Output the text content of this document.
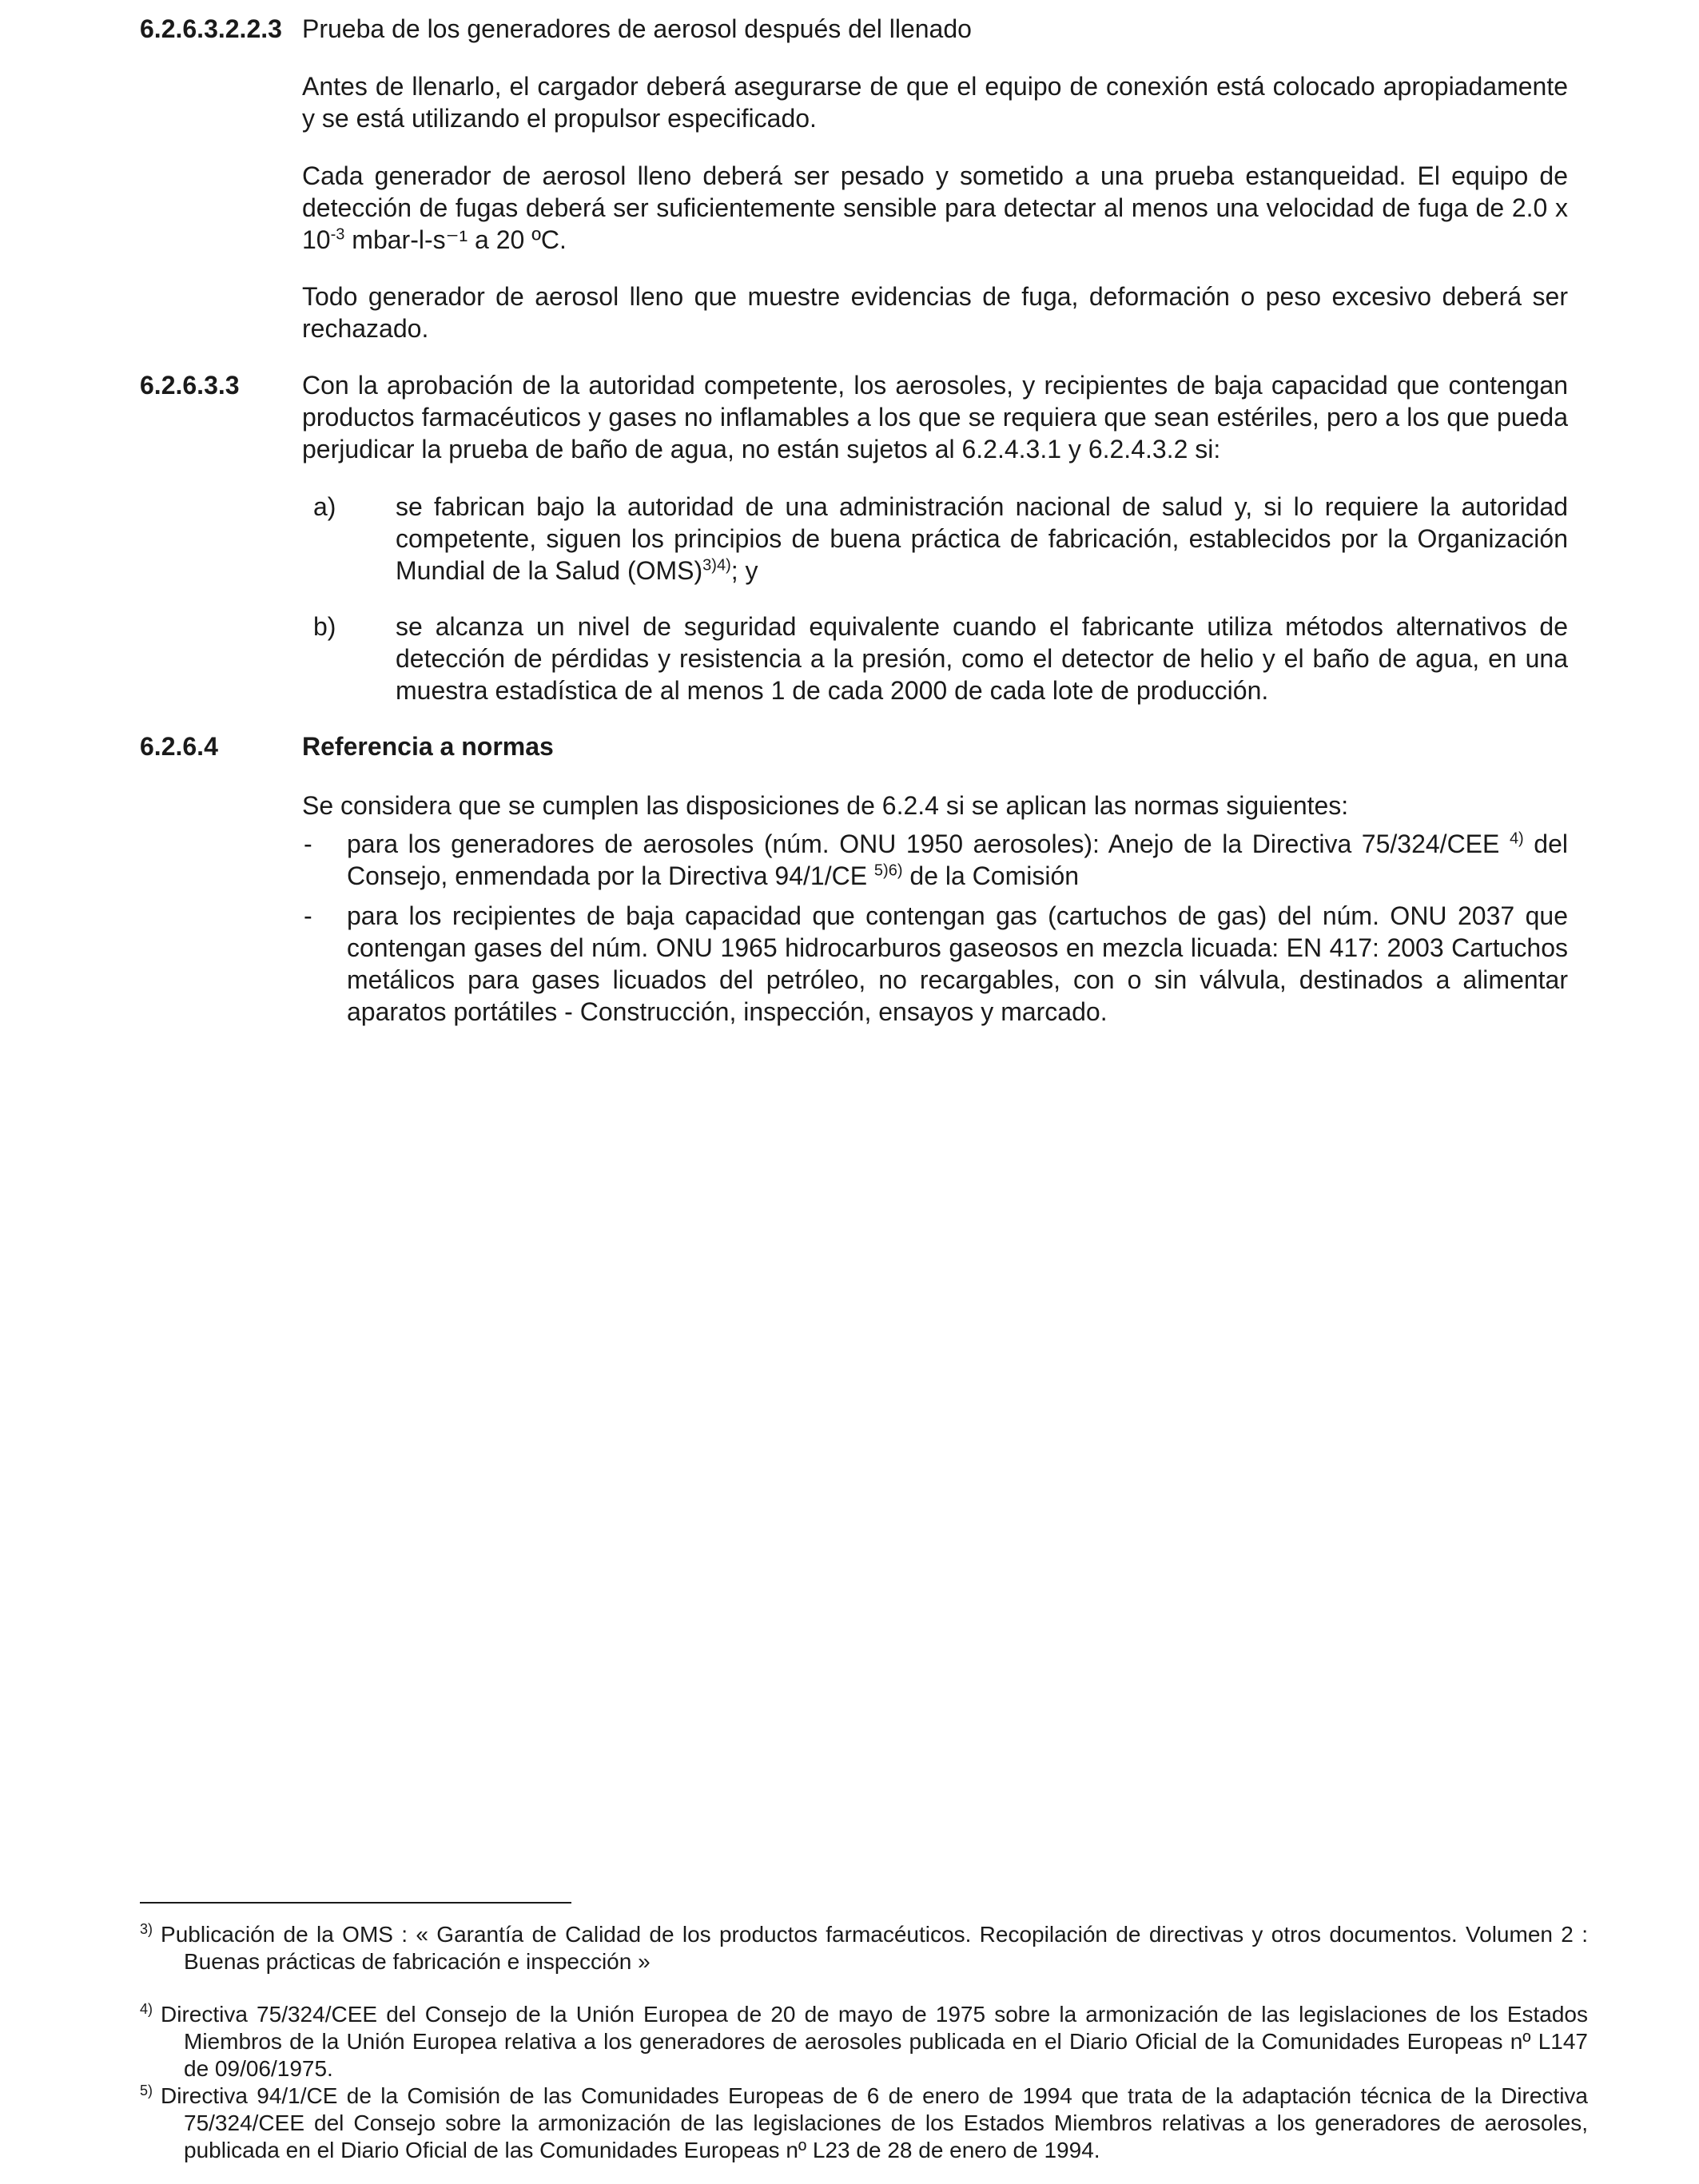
6.2.6.3.2.2.3 Prueba de los generadores de aerosol después del llenado
Antes de llenarlo, el cargador deberá asegurarse de que el equipo de conexión está colocado apropiadamente y se está utilizando el propulsor especificado.
Cada generador de aerosol lleno deberá ser pesado y sometido a una prueba estanqueidad. El equipo de detección de fugas deberá ser suficientemente sensible para detectar al menos una velocidad de fuga de 2.0 x $10^{-3}$ mbar-l-s⁻¹ a 20 ºC.
Todo generador de aerosol lleno que muestre evidencias de fuga, deformación o peso excesivo deberá ser rechazado.
6.2.6.3.3 Con la aprobación de la autoridad competente, los aerosoles, y recipientes de baja capacidad que contengan productos farmacéuticos y gases no inflamables a los que se requiera que sean estériles, pero a los que pueda perjudicar la prueba de baño de agua, no están sujetos al 6.2.4.3.1 y 6.2.4.3.2 si:
a) se fabrican bajo la autoridad de una administración nacional de salud y, si lo requiere la autoridad competente, siguen los principios de buena práctica de fabricación, establecidos por la Organización Mundial de la Salud (OMS)$^{3)4)}$; y
b) se alcanza un nivel de seguridad equivalente cuando el fabricante utiliza métodos alternativos de detección de pérdidas y resistencia a la presión, como el detector de helio y el baño de agua, en una muestra estadística de al menos 1 de cada 2000 de cada lote de producción.
6.2.6.4	Referencia a normas
Se considera que se cumplen las disposiciones de 6.2.4 si se aplican las normas siguientes:
- para los generadores de aerosoles (núm. ONU 1950 aerosoles): Anejo de la Directiva 75/324/CEE $^{4)}$ del Consejo, enmendada por la Directiva 94/1/CE $^{5)6)}$ de la Comisión
- para los recipientes de baja capacidad que contengan gas (cartuchos de gas) del núm. ONU 2037 que contengan gases del núm. ONU 1965 hidrocarburos gaseosos en mezcla licuada: EN 417: 2003 Cartuchos metálicos para gases licuados del petróleo, no recargables, con o sin válvula, destinados a alimentar aparatos portátiles - Construcción, inspección, ensayos y marcado.
$^{3)}$ Publicación de la OMS : « Garantía de Calidad de los productos farmacéuticos. Recopilación de directivas y otros documentos. Volumen 2 : Buenas prácticas de fabricación e inspección »
$^{4)}$ Directiva 75/324/CEE del Consejo de la Unión Europea de 20 de mayo de 1975 sobre la armonización de las legislaciones de los Estados Miembros de la Unión Europea relativa a los generadores de aerosoles publicada en el Diario Oficial de la Comunidades Europeas nº L147 de 09/06/1975.
$^{5)}$ Directiva 94/1/CE de la Comisión de las Comunidades Europeas de 6 de enero de 1994 que trata de la adaptación técnica de la Directiva 75/324/CEE del Consejo sobre la armonización de las legislaciones de los Estados Miembros relativas a los generadores de aerosoles, publicada en el Diario Oficial de las Comunidades Europeas nº L23 de 28 de enero de 1994.
